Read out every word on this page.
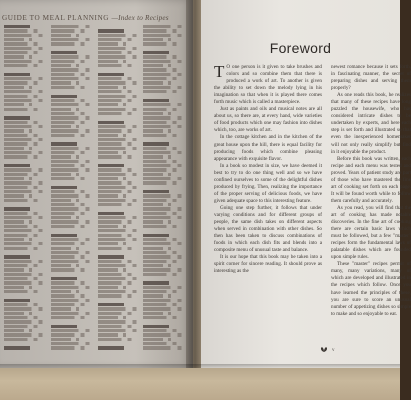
GUIDE TO MEAL PLANNING —Index to Recipes
Foreword

T O one person is it given to take brushes and colors and so combine them that there is produced a work of art. To another is given the ability to set down the melody lying in his imagination so that when it is played there comes forth music which is called a masterpiece.

Just as paints and oils and musical notes are all about us, so there are, at every hand, wide varieties of food products which one may fashion into dishes which, too, are works of art.

In the cottage kitchen and in the kitchen of the great house upon the hill, there is equal facility for producing foods which combine pleasing appearance with exquisite flavor.

In a book so modest in size, we have deemed it best to try to do one thing well and so we have confined ourselves to some of the delightful dishes produced by frying. Then, realizing the importance of the proper serving of delicious foods, we have given adequate space to this interesting feature.

Going one step further, it follows that under varying conditions and for different groups of people, the same dish takes on different aspects when served in combination with other dishes. So then has been taken to discuss combinations of foods in which each dish fits and blends into a composite menu of unusual taste and balance.

It is our hope that this book may be taken into a spirit corner for sincere reading. It should prove as interesting as the

newest romance because it sets forth, in fascinating manner, the secret of preparing dishes and serving them properly?

As one reads this book, he realizes that many of these recipes have long puzzled the housewife, who has considered intricate dishes to be undertaken by experts, and here each step is set forth and illustrated so that even the inexperienced homemaker will not only really simplify but find in it enjoyable the product.

Before this book was written, each recipe and each menu was tested and proved. Years of patient study are part of those who have mastered the fine art of cooking set forth on each page. It will be found worth while to follow them carefully and accurately.

As you read, you will find that the art of cooking has made notable discoveries. In the fine art of cooking there are certain basic laws which must be followed, but a few "master" recipes form the fundamental laws of palatable dishes which are founded upon simple rules.

These "master" recipes permit of many, many variations, many of which are developed and illustrated in the recipes which follow. Once you have learned the principles of these, you are sure to score an unusual number of appetizing dishes so simple to make and so enjoyable to eat.

v
